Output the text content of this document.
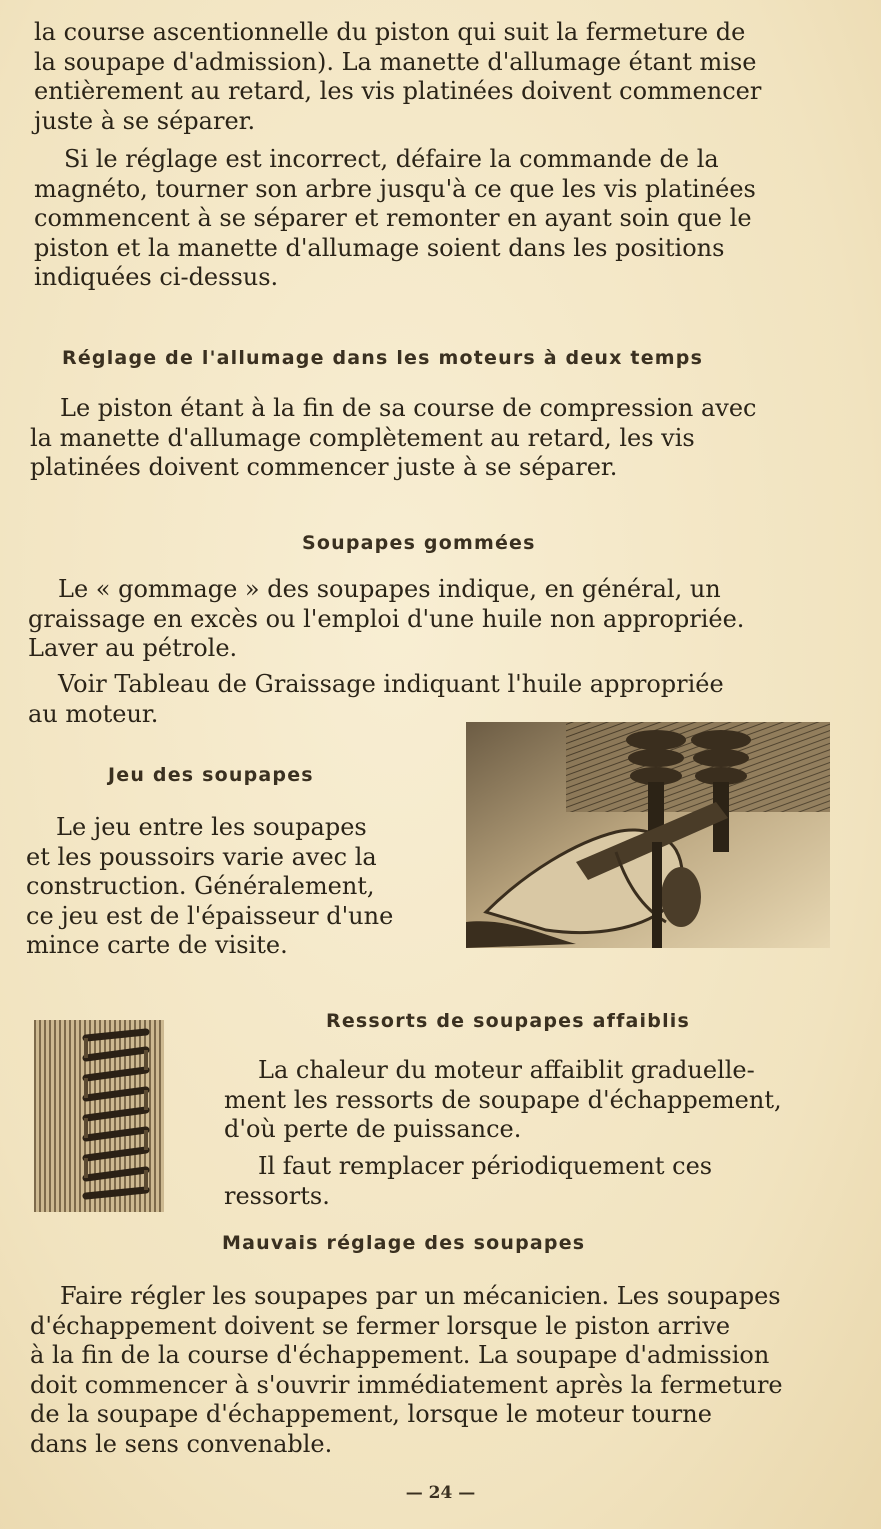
la course ascentionnelle du piston qui suit la fermeture de
la soupape d'admission). La manette d'allumage étant mise
entièrement au retard, les vis platinées doivent commencer
juste à se séparer.
Si le réglage est incorrect, défaire la commande de la
magnéto, tourner son arbre jusqu'à ce que les vis platinées
commencent à se séparer et remonter en ayant soin que le
piston et la manette d'allumage soient dans les positions
indiquées ci-dessus.
Réglage de l'allumage dans les moteurs à deux temps
Le piston étant à la fin de sa course de compression avec
la manette d'allumage complètement au retard, les vis
platinées doivent commencer juste à se séparer.
Soupapes gommées
Le « gommage » des soupapes indique, en général, un
graissage en excès ou l'emploi d'une huile non appropriée.
Laver au pétrole.
Voir Tableau de Graissage indiquant l'huile appropriée
au moteur.
Jeu des soupapes
Le jeu entre les soupapes
et les poussoirs varie avec la
construction. Généralement,
ce jeu est de l'épaisseur d'une
mince carte de visite.
Ressorts de soupapes affaiblis
La chaleur du moteur affaiblit graduelle-
ment les ressorts de soupape d'échappement,
d'où perte de puissance.
Il faut remplacer périodiquement ces
ressorts.
Mauvais réglage des soupapes
Faire régler les soupapes par un mécanicien. Les soupapes
d'échappement doivent se fermer lorsque le piston arrive
à la fin de la course d'échappement. La soupape d'admission
doit commencer à s'ouvrir immédiatement après la fermeture
de la soupape d'échappement, lorsque le moteur tourne
dans le sens convenable.
— 24 —
